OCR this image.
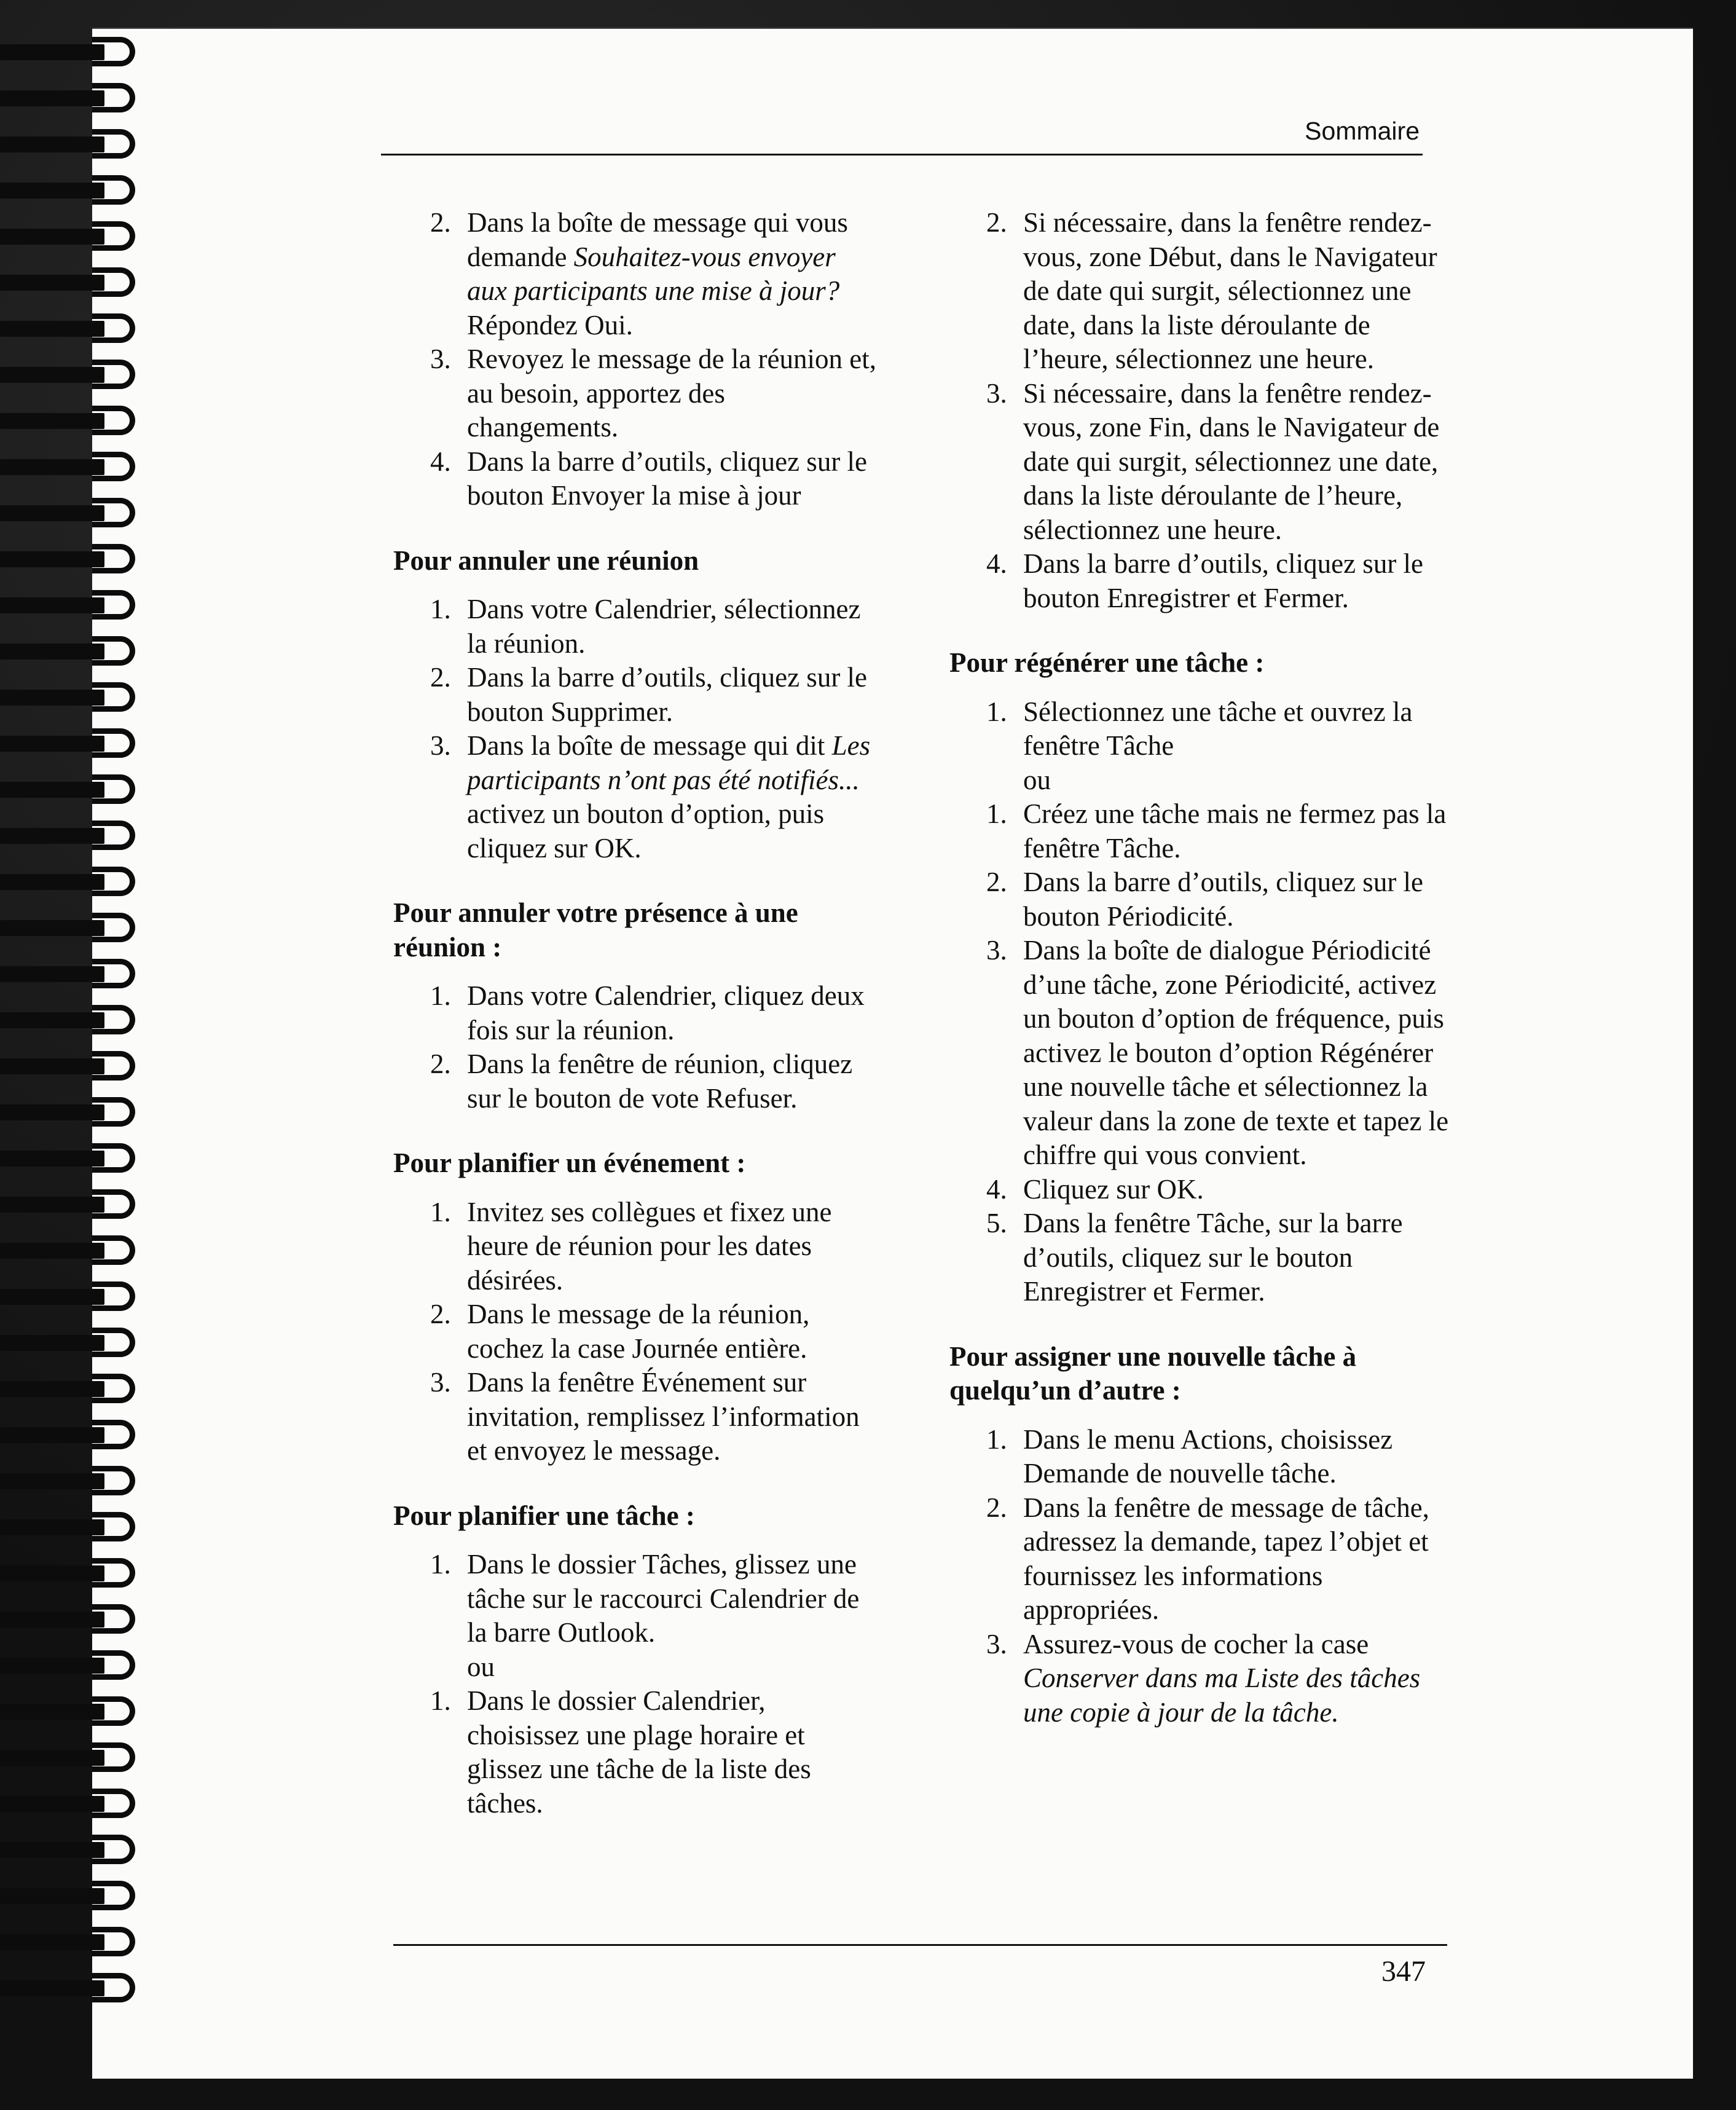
Sommaire
2. Dans la boîte de message qui vous demande Souhaitez-vous envoyer aux participants une mise à jour? Répondez Oui.
3. Revoyez le message de la réunion et, au besoin, apportez des changements.
4. Dans la barre d’outils, cliquez sur le bouton Envoyer la mise à jour

Pour annuler une réunion

1. Dans votre Calendrier, sélectionnez la réunion.
2. Dans la barre d’outils, cliquez sur le bouton Supprimer.
3. Dans la boîte de message qui dit Les participants n’ont pas été notifiés... activez un bouton d’option, puis cliquez sur OK.

Pour annuler votre présence à une réunion :

1. Dans votre Calendrier, cliquez deux fois sur la réunion.
2. Dans la fenêtre de réunion, cliquez sur le bouton de vote Refuser.

Pour planifier un événement :

1. Invitez ses collègues et fixez une heure de réunion pour les dates désirées.
2. Dans le message de la réunion, cochez la case Journée entière.
3. Dans la fenêtre Événement sur invitation, remplissez l’information et envoyez le message.

Pour planifier une tâche :

1. Dans le dossier Tâches, glissez une tâche sur le raccourci Calendrier de la barre Outlook.
ou
1. Dans le dossier Calendrier, choisissez une plage horaire et glissez une tâche de la liste des tâches.
2. Si nécessaire, dans la fenêtre rendez-vous, zone Début, dans le Navigateur de date qui surgit, sélectionnez une date, dans la liste déroulante de l’heure, sélectionnez une heure.
3. Si nécessaire, dans la fenêtre rendez-vous, zone Fin, dans le Navigateur de date qui surgit, sélectionnez une date, dans la liste déroulante de l’heure, sélectionnez une heure.
4. Dans la barre d’outils, cliquez sur le bouton Enregistrer et Fermer.

Pour régénérer une tâche :

1. Sélectionnez une tâche et ouvrez la fenêtre Tâche
ou
1. Créez une tâche mais ne fermez pas la fenêtre Tâche.
2. Dans la barre d’outils, cliquez sur le bouton Périodicité.
3. Dans la boîte de dialogue Périodicité d’une tâche, zone Périodicité, activez un bouton d’option de fréquence, puis activez le bouton d’option Régénérer une nouvelle tâche et sélectionnez la valeur dans la zone de texte et tapez le chiffre qui vous convient.
4. Cliquez sur OK.
5. Dans la fenêtre Tâche, sur la barre d’outils, cliquez sur le bouton Enregistrer et Fermer.

Pour assigner une nouvelle tâche à quelqu’un d’autre :

1. Dans le menu Actions, choisissez Demande de nouvelle tâche.
2. Dans la fenêtre de message de tâche, adressez la demande, tapez l’objet et fournissez les informations appropriées.
3. Assurez-vous de cocher la case Conserver dans ma Liste des tâches une copie à jour de la tâche.
347
